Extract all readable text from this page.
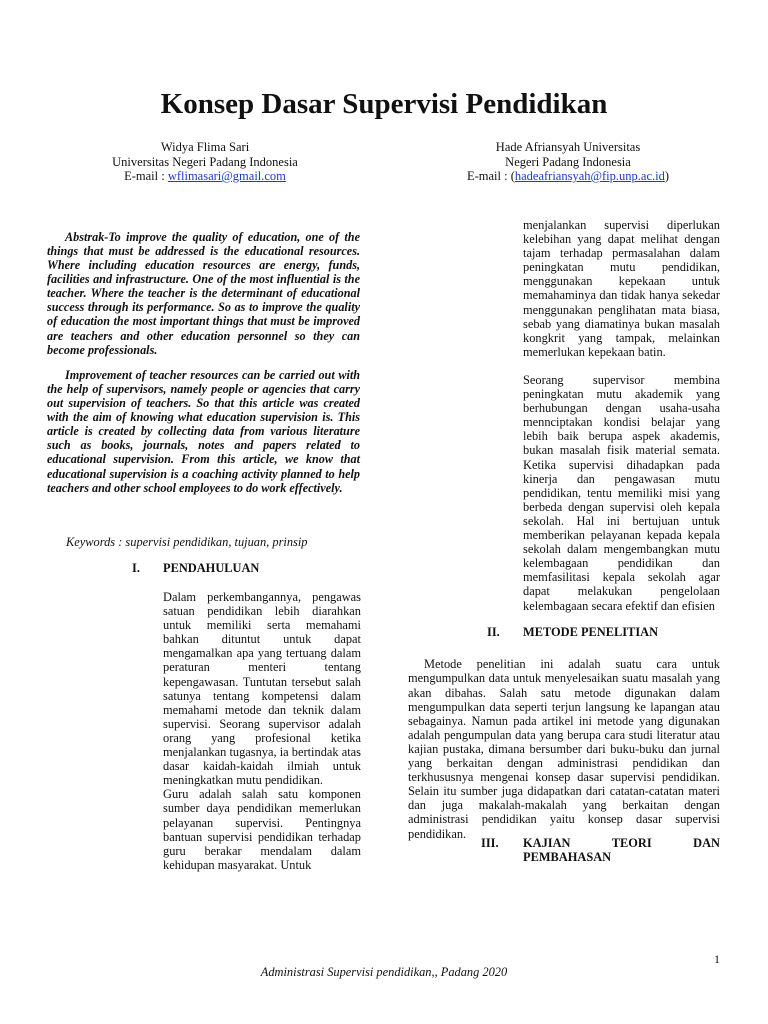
Konsep Dasar Supervisi Pendidikan
Widya Flima Sari
Universitas Negeri Padang Indonesia
E-mail : wflimasari@gmail.com
Hade Afriansyah Universitas
Negeri Padang Indonesia
E-mail : (hadeafriansyah@fip.unp.ac.id)

Abstrak-To improve the quality of education, one of the things that must be addressed is the educational resources. Where including education resources are energy, funds, facilities and infrastructure. One of the most influential is the teacher. Where the teacher is the determinant of educational success through its performance. So as to improve the quality of education the most important things that must be improved are teachers and other education personnel so they can become professionals.

Improvement of teacher resources can be carried out with the help of supervisors, namely people or agencies that carry out supervision of teachers. So that this article was created with the aim of knowing what education supervision is. This article is created by collecting data from various literature such as books, journals, notes and papers related to educational supervision. From this article, we know that educational supervision is a coaching activity planned to help teachers and other school employees to do work effectively.

Keywords : supervisi pendidikan, tujuan, prinsip
I. PENDAHULUAN

Dalam perkembangannya, pengawas satuan pendidikan lebih diarahkan untuk memiliki serta memahami bahkan dituntut untuk dapat mengamalkan apa yang tertuang dalam peraturan menteri tentang kepengawasan. Tuntutan tersebut salah satunya tentang kompetensi dalam memahami metode dan teknik dalam supervisi. Seorang supervisor adalah orang yang profesional ketika menjalankan tugasnya, ia bertindak atas dasar kaidah-kaidah ilmiah untuk meningkatkan mutu pendidikan.

Guru adalah salah satu komponen sumber daya pendidikan memerlukan pelayanan supervisi. Pentingnya bantuan supervisi pendidikan terhadap guru berakar mendalam dalam kehidupan masyarakat. Untuk

menjalankan supervisi diperlukan kelebihan yang dapat melihat dengan tajam terhadap permasalahan dalam peningkatan mutu pendidikan, menggunakan kepekaan untuk memahaminya dan tidak hanya sekedar menggunakan penglihatan mata biasa, sebab yang diamatinya bukan masalah kongkrit yang tampak, melainkan memerlukan kepekaan batin.

Seorang supervisor membina peningkatan mutu akademik yang berhubungan dengan usaha-usaha mennciptakan kondisi belajar yang lebih baik berupa aspek akademis, bukan masalah fisik material semata. Ketika supervisi dihadapkan pada kinerja dan pengawasan mutu pendidikan, tentu memiliki misi yang berbeda dengan supervisi oleh kepala sekolah. Hal ini bertujuan untuk memberikan pelayanan kepada kepala sekolah dalam mengembangkan mutu kelembagaan pendidikan dan memfasilitasi kepala sekolah agar dapat melakukan pengelolaan kelembagaan secara efektif dan efisien

II. METODE PENELITIAN

Metode penelitian ini adalah suatu cara untuk mengumpulkan data untuk menyelesaikan suatu masalah yang akan dibahas. Salah satu metode digunakan dalam mengumpulkan data seperti terjun langsung ke lapangan atau sebagainya. Namun pada artikel ini metode yang digunakan adalah pengumpulan data yang berupa cara studi literatur atau kajian pustaka, dimana bersumber dari buku-buku dan jurnal yang berkaitan dengan administrasi pendidikan dan terkhususnya mengenai konsep dasar supervisi pendidikan. Selain itu sumber juga didapatkan dari catatan-catatan materi dan juga makalah-makalah yang berkaitan dengan administrasi pendidikan yaitu konsep dasar supervisi pendidikan.

III. KAJIAN TEORI DAN PEMBAHASAN
1
Administrasi Supervisi pendidikan,, Padang 2020
